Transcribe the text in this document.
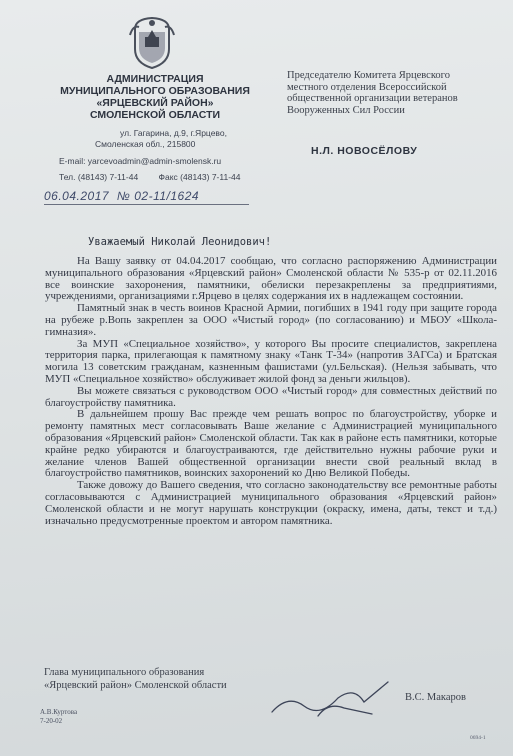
АДМИНИСТРАЦИЯ
МУНИЦИПАЛЬНОГО ОБРАЗОВАНИЯ
«ЯРЦЕВСКИЙ РАЙОН»
СМОЛЕНСКОЙ ОБЛАСТИ
ул. Гагарина, д.9, г.Ярцево,
Смоленская обл., 215800
E-mail: yarcevoadmin@admin-smolensk.ru
Тел. (48143) 7-11-44 Факс (48143) 7-11-44
06.04.2017 № 02-11/1624
Председателю Комитета Ярцевского
местного отделения Всероссийской
общественной организации ветеранов
Вооруженных Сил России
Н.Л. НОВОСЁЛОВУ
Уважаемый Николай Леонидович!

На Вашу заявку от 04.04.2017 сообщаю, что согласно распоряжению Администрации муниципального образования «Ярцевский район» Смоленской области № 535-р от 02.11.2016 все воинские захоронения, памятники, обелиски перезакреплены за предприятиями, учреждениями, организациями г.Ярцево в целях содержания их в надлежащем состоянии.

Памятный знак в честь воинов Красной Армии, погибших в 1941 году при защите города на рубеже р.Вопь закреплен за ООО «Чистый город» (по согласованию) и МБОУ «Школа-гимназия».

За МУП «Специальное хозяйство», у которого Вы просите специалистов, закреплена территория парка, прилегающая к памятному знаку «Танк Т-34» (напротив ЗАГСа) и Братская могила 13 советским гражданам, казненным фашистами (ул.Бельская). (Нельзя забывать, что МУП «Специальное хозяйство» обслуживает жилой фонд за деньги жильцов).

Вы можете связаться с руководством ООО «Чистый город» для совместных действий по благоустройству памятника.

В дальнейшем прошу Вас прежде чем решать вопрос по благоустройству, уборке и ремонту памятных мест согласовывать Ваше желание с Администрацией муниципального образования «Ярцевский район» Смоленской области. Так как в районе есть памятники, которые крайне редко убираются и благоустраиваются, где действительно нужны рабочие руки и желание членов Вашей общественной организации внести свой реальный вклад в благоустройство памятников, воинских захоронений ко Дню Великой Победы.

Также довожу до Вашего сведения, что согласно законодательству все ремонтные работы согласовываются с Администрацией муниципального образования «Ярцевский район» Смоленской области и не могут нарушать конструкции (окраску, имена, даты, текст и т.д.) изначально предусмотренные проектом и автором памятника.

Глава муниципального образования
«Ярцевский район» Смоленской области
В.С. Макаров
А.В.Куртова
7-20-02
0694-1
